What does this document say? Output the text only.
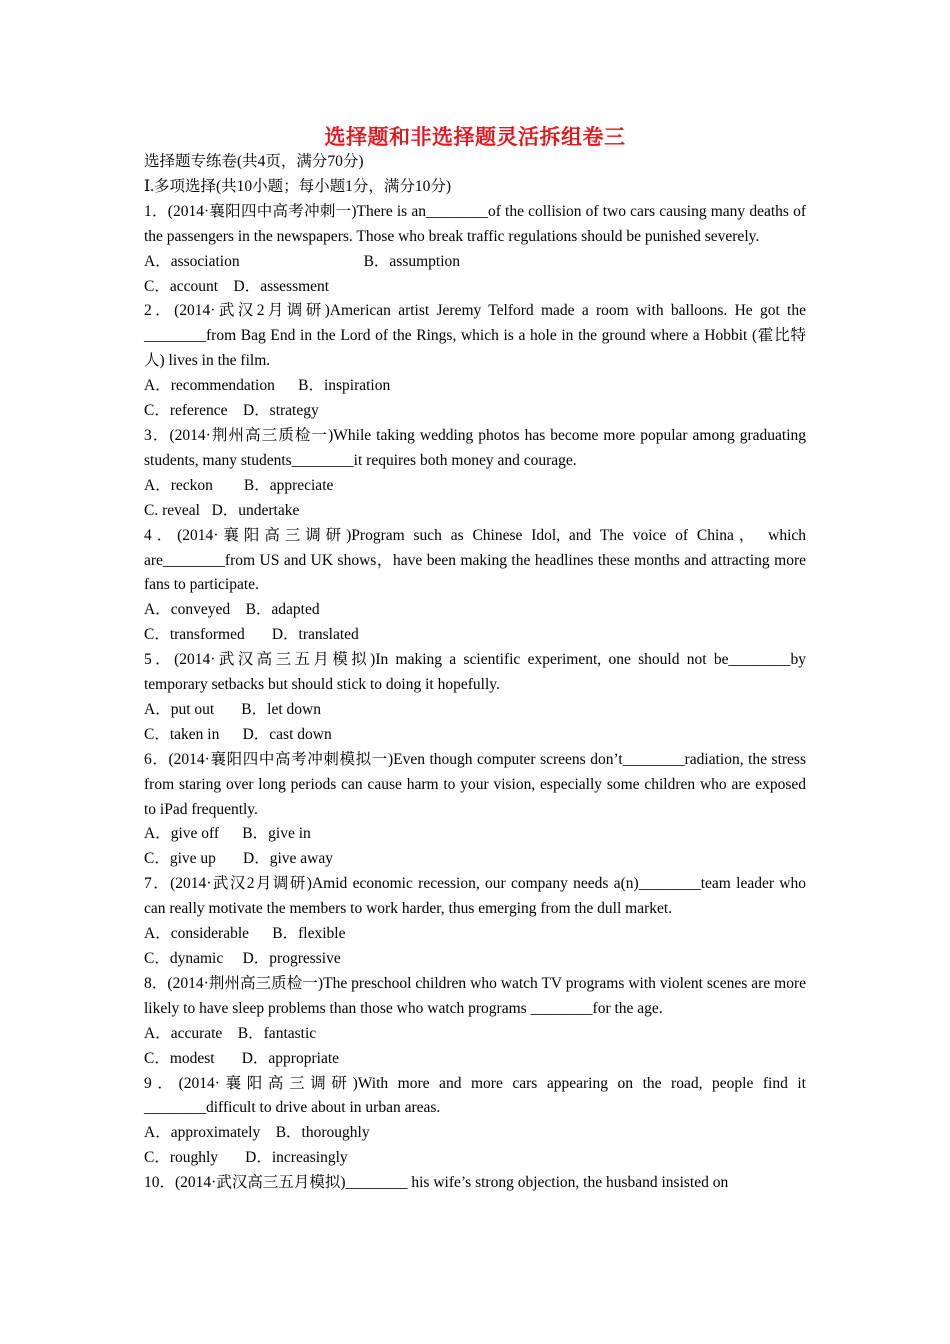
选择题和非选择题灵活拆组卷三
选择题专练卷(共4页，满分70分)
Ⅰ.多项选择(共10小题；每小题1分，满分10分)
1．(2014·襄阳四中高考冲刺一)There is an________of the collision of two cars causing many deaths of the passengers in the newspapers. Those who break traffic regulations should be punished severely.
A．association                                B．assumption
C．account    D．assessment
2．(2014·武汉2月调研)American artist Jeremy Telford made a room with balloons. He got the ________from Bag End in the Lord of the Rings, which is a hole in the ground where a Hobbit (霍比特人) lives in the film.
A．recommendation      B．inspiration
C．reference    D．strategy
3．(2014·荆州高三质检一)While taking wedding photos has become more popular among graduating students, many students________it requires both money and courage.
A．reckon        B．appreciate
C. reveal   D．undertake
4．(2014·襄阳高三调研)Program such as Chinese Idol, and The voice of China， which are________from US and UK shows，have been making the headlines these months and attracting more fans to participate.
A．conveyed    B．adapted
C．transformed       D．translated
5．(2014·武汉高三五月模拟)In making a scientific experiment, one should not be________by temporary setbacks but should stick to doing it hopefully.
A．put out       B．let down
C．taken in      D．cast down
6．(2014·襄阳四中高考冲刺模拟一)Even though computer screens don’t________radiation, the stress from staring over long periods can cause harm to your vision, especially some children who are exposed to iPad frequently.
A．give off      B．give in
C．give up       D．give away
7．(2014·武汉2月调研)Amid economic recession, our company needs a(n)________team leader who can really motivate the members to work harder, thus emerging from the dull market.
A．considerable      B．flexible
C．dynamic     D．progressive
8．(2014·荆州高三质检一)The preschool children who watch TV programs with violent scenes are more likely to have sleep problems than those who watch programs ________for the age.
A．accurate    B．fantastic
C．modest       D．appropriate
9．(2014·襄阳高三调研)With more and more cars appearing on the road, people find it ________difficult to drive about in urban areas.
A．approximately    B．thoroughly
C．roughly       D．increasingly
10．(2014·武汉高三五月模拟)________ his wife’s strong objection, the husband insisted on
